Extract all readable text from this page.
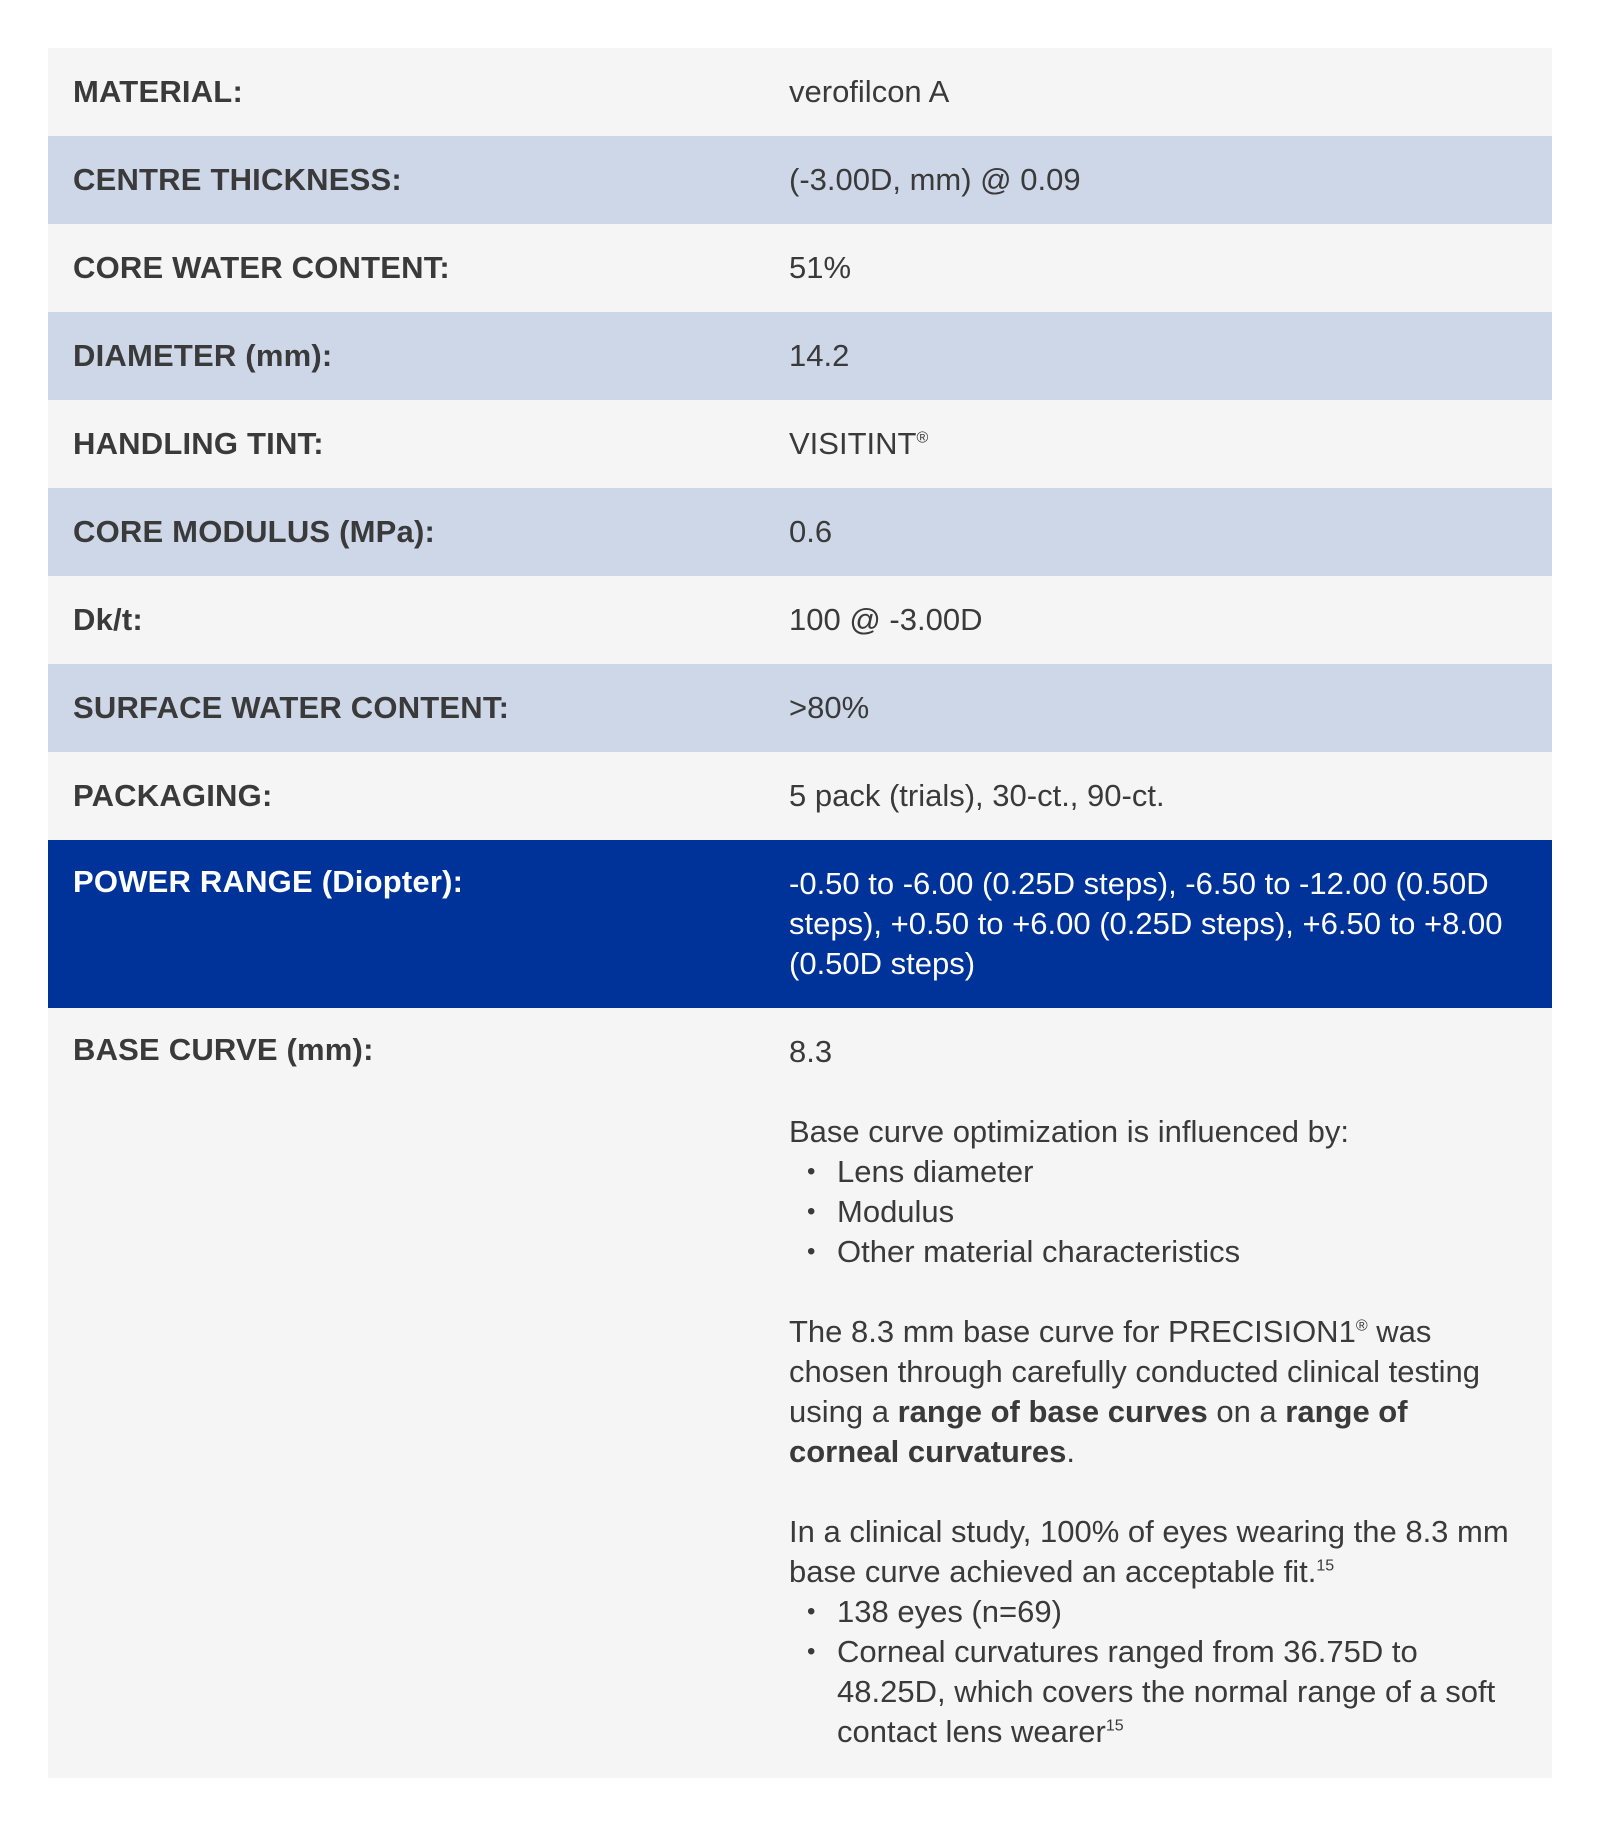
MATERIAL:	verofilcon A
CENTRE THICKNESS:	(-3.00D, mm) @ 0.09
CORE WATER CONTENT:	51%
DIAMETER (mm):	14.2
HANDLING TINT:	VISITINT®
CORE MODULUS (MPa):	0.6
Dk/t:	100 @ -3.00D
SURFACE WATER CONTENT:	>80%
PACKAGING:	5 pack (trials), 30-ct., 90-ct.
POWER RANGE (Diopter):	-0.50 to -6.00 (0.25D steps), -6.50 to -12.00 (0.50D steps), +0.50 to +6.00 (0.25D steps), +6.50 to +8.00 (0.50D steps)
BASE CURVE (mm):	8.3

Base curve optimization is influenced by:

• Lens diameter
• Modulus
• Other material characteristics

The 8.3 mm base curve for PRECISION1® was chosen through carefully conducted clinical testing using a range of base curves on a range of corneal curvatures.

In a clinical study, 100% of eyes wearing the 8.3 mm base curve achieved an acceptable fit.$^{15}$

• 138 eyes (n=69)
• Corneal curvatures ranged from 36.75D to 48.25D, which covers the normal range of a soft contact lens wearer$^{15}$
